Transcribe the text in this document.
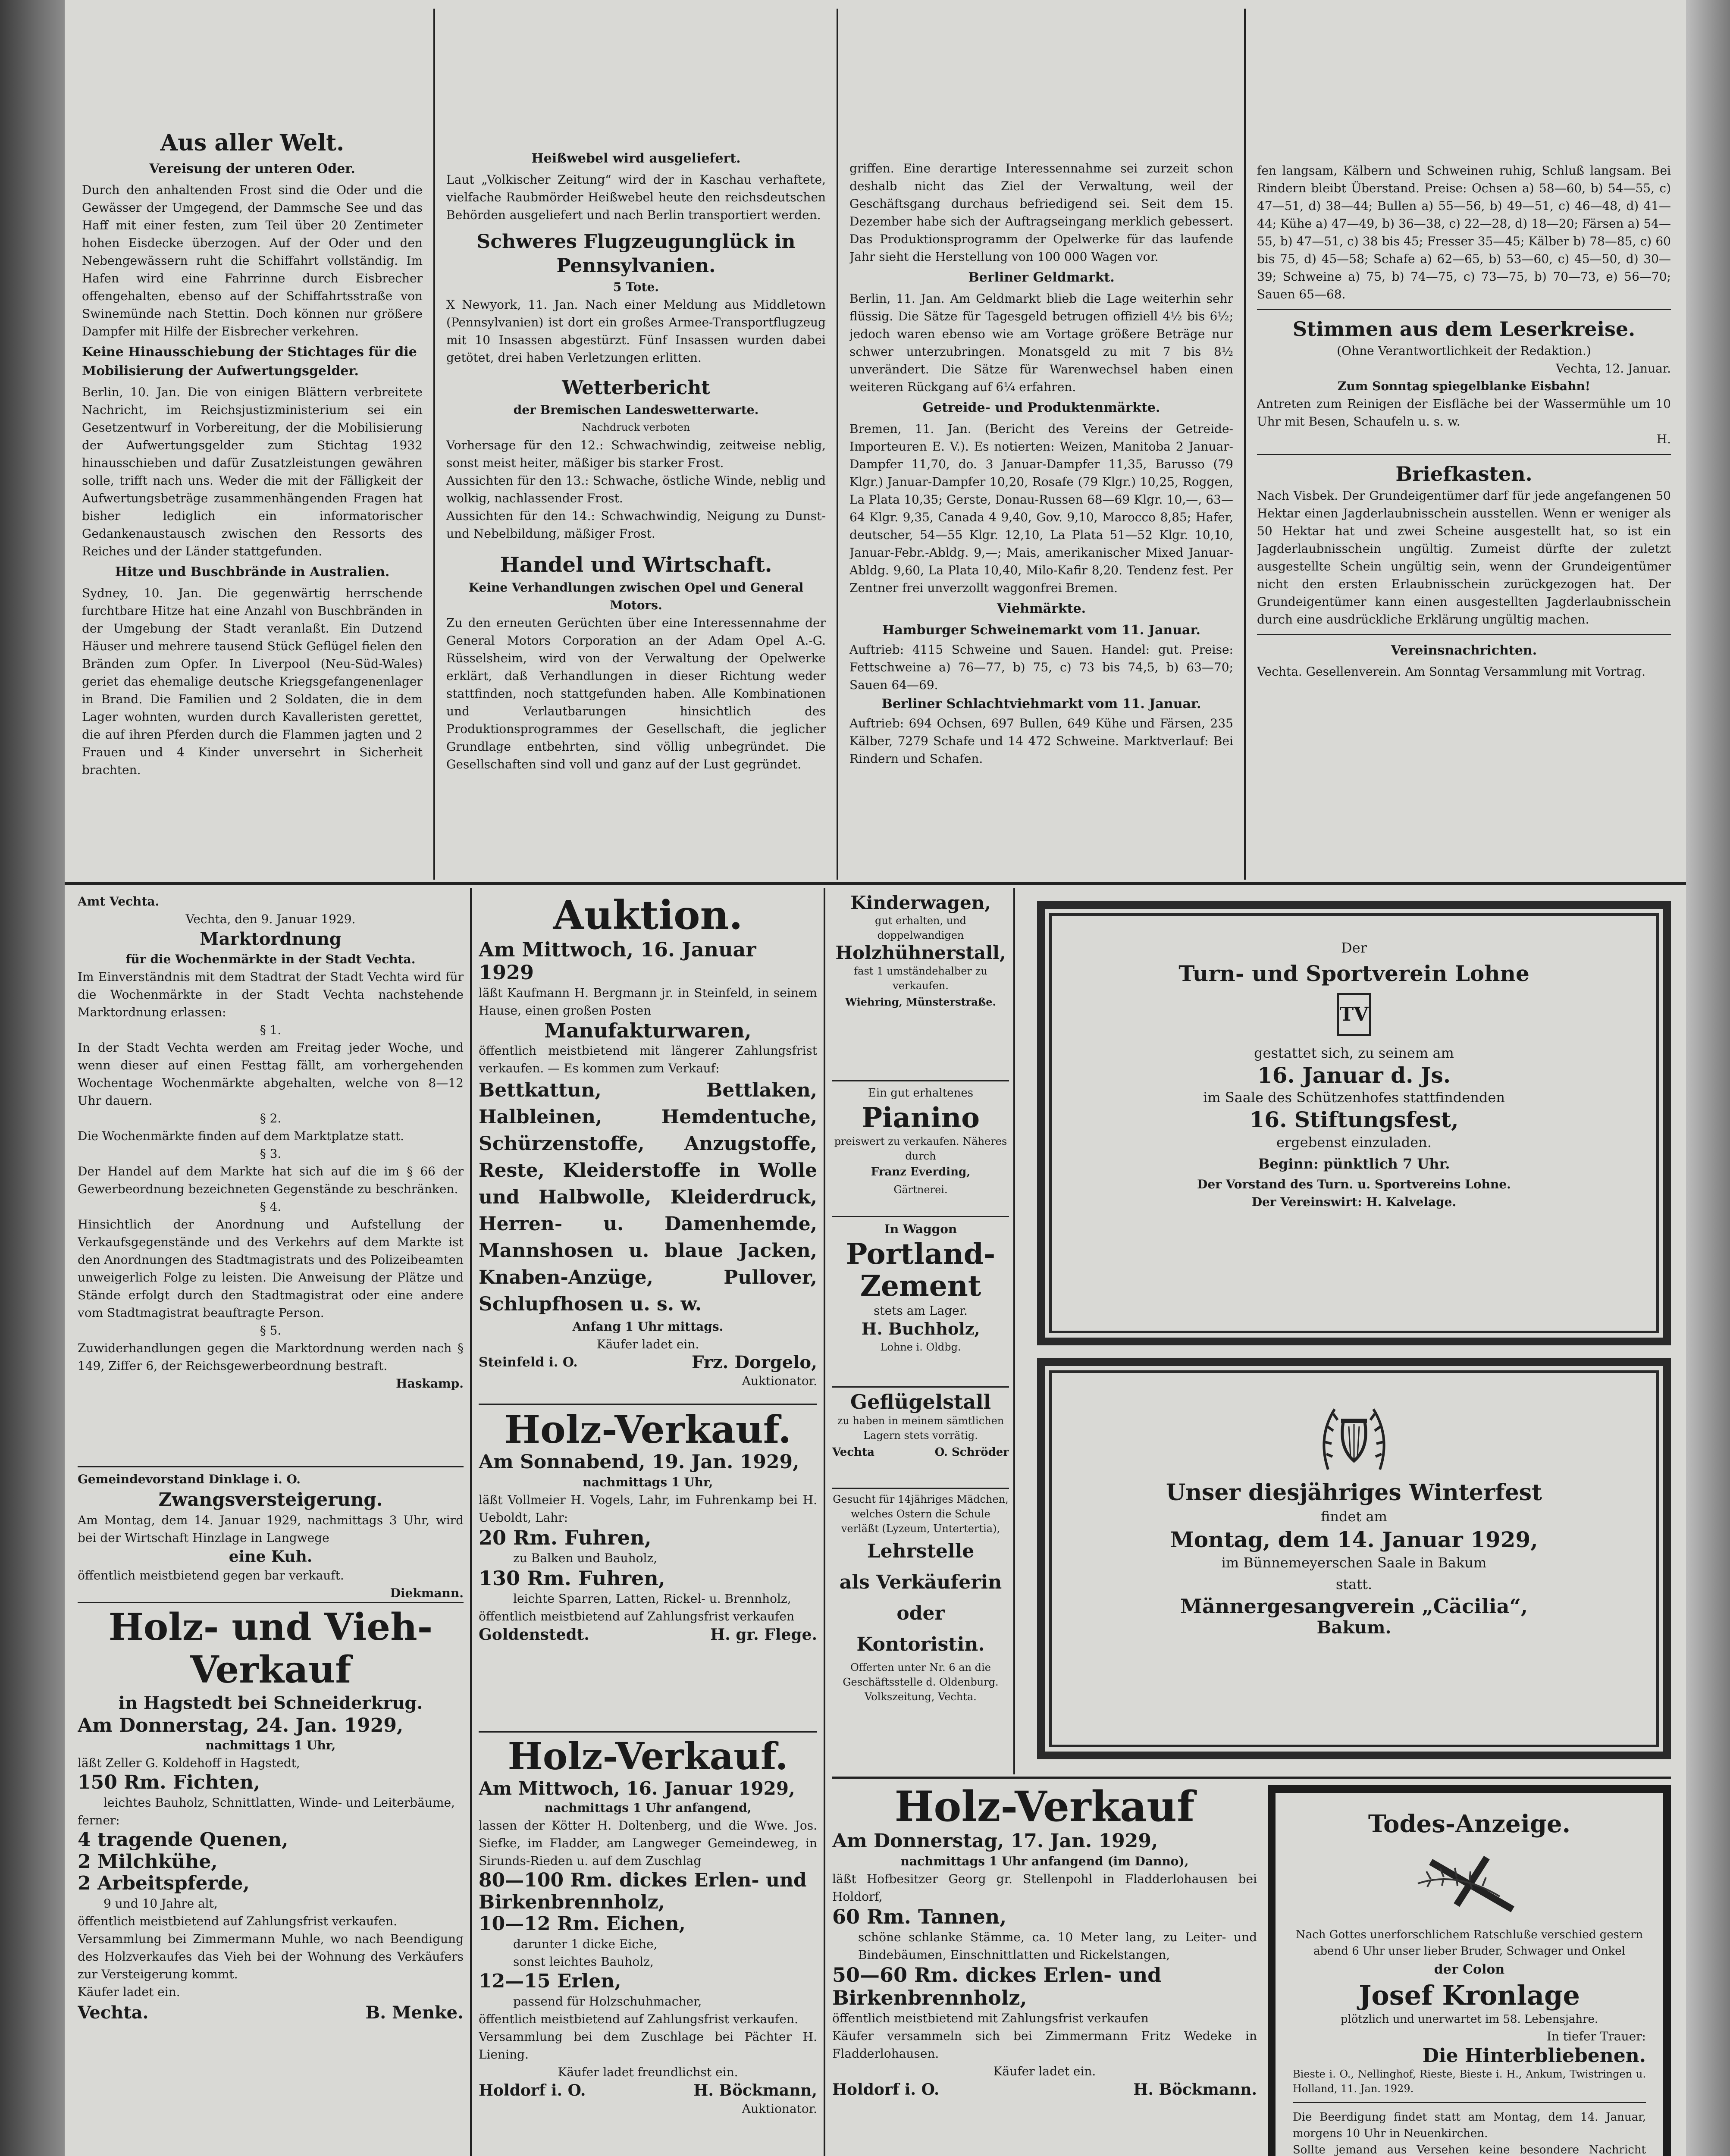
Aus aller Welt.

Vereisung der unteren Oder.

Durch den anhaltenden Frost sind die Oder und die Gewässer der Umgegend, der Dammsche See und das Haff mit einer festen, zum Teil über 20 Zentimeter hohen Eisdecke überzogen. Auf der Oder und den Nebengewässern ruht die Schiffahrt vollständig. Im Hafen wird eine Fahrrinne durch Eisbrecher offengehalten, ebenso auf der Schiffahrtsstraße von Swinemünde nach Stettin. Doch können nur größere Dampfer mit Hilfe der Eisbrecher verkehren.

Keine Hinausschiebung der Stichtages für die Mobilisierung der Aufwertungsgelder.

Berlin, 10. Jan. Die von einigen Blättern verbreitete Nachricht, im Reichsjustizministerium sei ein Gesetzentwurf in Vorbereitung, der die Mobilisierung der Aufwertungsgelder zum Stichtag 1932 hinausschieben und dafür Zusatzleistungen gewähren solle, trifft nach uns. Weder die mit der Fälligkeit der Aufwertungsbeträge zusammenhängenden Fragen hat bisher lediglich ein informatorischer Gedankenaustausch zwischen den Ressorts des Reiches und der Länder stattgefunden.

Hitze und Buschbrände in Australien.

Sydney, 10. Jan. Die gegenwärtig herrschende furchtbare Hitze hat eine Anzahl von Buschbränden in der Umgebung der Stadt veranlaßt. Ein Dutzend Häuser und mehrere tausend Stück Geflügel fielen den Bränden zum Opfer. In Liverpool (Neu-Süd-Wales) geriet das ehemalige deutsche Kriegsgefangenenlager in Brand. Die Familien und 2 Soldaten, die in dem Lager wohnten, wurden durch Kavalleristen gerettet, die auf ihren Pferden durch die Flammen jagten und 2 Frauen und 4 Kinder unversehrt in Sicherheit brachten.

Heißwebel wird ausgeliefert.

Laut „Volkischer Zeitung“ wird der in Kaschau verhaftete, vielfache Raubmörder Heißwebel heute den reichsdeutschen Behörden ausgeliefert und nach Berlin transportiert werden.

Schweres Flugzeugunglück in Pennsylvanien.

5 Tote.

X Newyork, 11. Jan. Nach einer Meldung aus Middletown (Pennsylvanien) ist dort ein großes Armee-Transportflugzeug mit 10 Insassen abgestürzt. Fünf Insassen wurden dabei getötet, drei haben Verletzungen erlitten.

Wetterbericht

der Bremischen Landeswetterwarte.

Nachdruck verboten

Vorhersage für den 12.: Schwachwindig, zeitweise neblig, sonst meist heiter, mäßiger bis starker Frost.

Aussichten für den 13.: Schwache, östliche Winde, neblig und wolkig, nachlassender Frost.

Aussichten für den 14.: Schwachwindig, Neigung zu Dunst- und Nebelbildung, mäßiger Frost.

Handel und Wirtschaft.

Keine Verhandlungen zwischen Opel und General Motors.

Zu den erneuten Gerüchten über eine Interessennahme der General Motors Corporation an der Adam Opel A.-G. Rüsselsheim, wird von der Verwaltung der Opelwerke erklärt, daß Verhandlungen in dieser Richtung weder stattfinden, noch stattgefunden haben. Alle Kombinationen und Verlautbarungen hinsichtlich des Produktionsprogrammes der Gesellschaft, die jeglicher Grundlage entbehrten, sind völlig unbegründet. Die Gesellschaften sind voll und ganz auf der Lust gegründet.

griffen. Eine derartige Interessennahme sei zurzeit schon deshalb nicht das Ziel der Verwaltung, weil der Geschäftsgang durchaus befriedigend sei. Seit dem 15. Dezember habe sich der Auftragseingang merklich gebessert. Das Produktionsprogramm der Opelwerke für das laufende Jahr sieht die Herstellung von 100 000 Wagen vor.

Berliner Geldmarkt.

Berlin, 11. Jan. Am Geldmarkt blieb die Lage weiterhin sehr flüssig. Die Sätze für Tagesgeld betrugen offiziell 4½ bis 6½; jedoch waren ebenso wie am Vortage größere Beträge nur schwer unterzubringen. Monatsgeld zu mit 7 bis 8½ unverändert. Die Sätze für Warenwechsel haben einen weiteren Rückgang auf 6¼ erfahren.

Getreide- und Produktenmärkte.

Bremen, 11. Jan. (Bericht des Vereins der Getreide-Importeuren E. V.). Es notierten: Weizen, Manitoba 2 Januar-Dampfer 11,70, do. 3 Januar-Dampfer 11,35, Barusso (79 Klgr.) Januar-Dampfer 10,20, Rosafe (79 Klgr.) 10,25, Roggen, La Plata 10,35; Gerste, Donau-Russen 68—69 Klgr. 10,—, 63—64 Klgr. 9,35, Canada 4 9,40, Gov. 9,10, Marocco 8,85; Hafer, deutscher, 54—55 Klgr. 12,10, La Plata 51—52 Klgr. 10,10, Januar-Febr.-Abldg. 9,—; Mais, amerikanischer Mixed Januar-Abldg. 9,60, La Plata 10,40, Milo-Kafir 8,20. Tendenz fest. Per Zentner frei unverzollt waggonfrei Bremen.

Viehmärkte.

Hamburger Schweinemarkt vom 11. Januar.

Auftrieb: 4115 Schweine und Sauen. Handel: gut. Preise: Fettschweine a) 76—77, b) 75, c) 73 bis 74,5, b) 63—70; Sauen 64—69.

Berliner Schlachtviehmarkt vom 11. Januar.

Auftrieb: 694 Ochsen, 697 Bullen, 649 Kühe und Färsen, 235 Kälber, 7279 Schafe und 14 472 Schweine. Marktverlauf: Bei Rindern und Schafen.

fen langsam, Kälbern und Schweinen ruhig, Schluß langsam. Bei Rindern bleibt Überstand. Preise: Ochsen a) 58—60, b) 54—55, c) 47—51, d) 38—44; Bullen a) 55—56, b) 49—51, c) 46—48, d) 41—44; Kühe a) 47—49, b) 36—38, c) 22—28, d) 18—20; Färsen a) 54—55, b) 47—51, c) 38 bis 45; Fresser 35—45; Kälber b) 78—85, c) 60 bis 75, d) 45—58; Schafe a) 62—65, b) 53—60, c) 45—50, d) 30—39; Schweine a) 75, b) 74—75, c) 73—75, b) 70—73, e) 56—70; Sauen 65—68.

Stimmen aus dem Leserkreise.

(Ohne Verantwortlichkeit der Redaktion.)

Vechta, 12. Januar.

Zum Sonntag spiegelblanke Eisbahn!

Antreten zum Reinigen der Eisfläche bei der Wassermühle um 10 Uhr mit Besen, Schaufeln u. s. w.

H.

Briefkasten.

Nach Visbek. Der Grundeigentümer darf für jede angefangenen 50 Hektar einen Jagderlaubnisschein ausstellen. Wenn er weniger als 50 Hektar hat und zwei Scheine ausgestellt hat, so ist ein Jagderlaubnisschein ungültig. Zumeist dürfte der zuletzt ausgestellte Schein ungültig sein, wenn der Grundeigentümer nicht den ersten Erlaubnisschein zurückgezogen hat. Der Grundeigentümer kann einen ausgestellten Jagderlaubnisschein durch eine ausdrückliche Erklärung ungültig machen.

Vereinsnachrichten.

Vechta. Gesellenverein. Am Sonntag Versammlung mit Vortrag.

Amt Vechta.

Vechta, den 9. Januar 1929.

Marktordnung

für die Wochenmärkte in der Stadt Vechta.

Im Einverständnis mit dem Stadtrat der Stadt Vechta wird für die Wochenmärkte in der Stadt Vechta nachstehende Marktordnung erlassen:

§ 1.

In der Stadt Vechta werden am Freitag jeder Woche, und wenn dieser auf einen Festtag fällt, am vorhergehenden Wochentage Wochenmärkte abgehalten, welche von 8—12 Uhr dauern.

§ 2.

Die Wochenmärkte finden auf dem Marktplatze statt.

§ 3.

Der Handel auf dem Markte hat sich auf die im § 66 der Gewerbeordnung bezeichneten Gegenstände zu beschränken.

§ 4.

Hinsichtlich der Anordnung und Aufstellung der Verkaufsgegenstände und des Verkehrs auf dem Markte ist den Anordnungen des Stadtmagistrats und des Polizeibeamten unweigerlich Folge zu leisten. Die Anweisung der Plätze und Stände erfolgt durch den Stadtmagistrat oder eine andere vom Stadtmagistrat beauftragte Person.

§ 5.

Zuwiderhandlungen gegen die Marktordnung werden nach § 149, Ziffer 6, der Reichsgewerbeordnung bestraft.

Haskamp.

Gemeindevorstand Dinklage i. O.

Zwangsversteigerung.

Am Montag, dem 14. Januar 1929, nachmittags 3 Uhr, wird bei der Wirtschaft Hinzlage in Langwege

eine Kuh.

öffentlich meistbietend gegen bar verkauft.

Diekmann.

Holz- und Vieh-Verkauf

in Hagstedt bei Schneiderkrug.

Am Donnerstag, 24. Jan. 1929,

nachmittags 1 Uhr,

läßt Zeller G. Koldehoff in Hagstedt,

150 Rm. Fichten,

leichtes Bauholz, Schnittlatten, Winde- und Leiterbäume,

ferner:

4 tragende Quenen,

2 Milchkühe,

2 Arbeitspferde,

9 und 10 Jahre alt,

öffentlich meistbietend auf Zahlungsfrist verkaufen.

Versammlung bei Zimmermann Muhle, wo nach Beendigung des Holzverkaufes das Vieh bei der Wohnung des Verkäufers zur Versteigerung kommt.

Käufer ladet ein.

Vechta.	B. Menke.

Auktion.

Am Mittwoch, 16. Januar 1929

läßt Kaufmann H. Bergmann jr. in Steinfeld, in seinem Hause, einen großen Posten

Manufakturwaren,

öffentlich meistbietend mit längerer Zahlungsfrist verkaufen. — Es kommen zum Verkauf:

Bettkattun, Bettlaken, Halbleinen, Hemdentuche, Schürzenstoffe, Anzugstoffe, Reste, Kleiderstoffe in Wolle und Halbwolle, Kleiderdruck, Herren- u. Damenhemde, Mannshosen u. blaue Jacken, Knaben-Anzüge, Pullover, Schlupfhosen u. s. w.

Anfang 1 Uhr mittags.

Käufer ladet ein.

Steinfeld i. O.	Frz. Dorgelo,

Auktionator.

Holz-Verkauf.

Am Sonnabend, 19. Jan. 1929,

nachmittags 1 Uhr,

läßt Vollmeier H. Vogels, Lahr, im Fuhrenkamp bei H. Ueboldt, Lahr:

20 Rm. Fuhren,

zu Balken und Bauholz,

130 Rm. Fuhren,

leichte Sparren, Latten, Rickel- u. Brennholz,

öffentlich meistbietend auf Zahlungsfrist verkaufen

Goldenstedt.	H. gr. Flege.

Holz-Verkauf.

Am Mittwoch, 16. Januar 1929,

nachmittags 1 Uhr anfangend,

lassen der Kötter H. Doltenberg, und die Wwe. Jos. Siefke, im Fladder, am Langweger Gemeindeweg, in Sirunds-Rieden u. auf dem Zuschlag

80—100 Rm. dickes Erlen- und Birkenbrennholz,

10—12 Rm. Eichen,

darunter 1 dicke Eiche,

sonst leichtes Bauholz,

12—15 Erlen,

passend für Holzschuhmacher,

öffentlich meistbietend auf Zahlungsfrist verkaufen.

Versammlung bei dem Zuschlage bei Pächter H. Liening.

Käufer ladet freundlichst ein.

Holdorf i. O.	H. Böckmann,

Auktionator.

Kinderwagen,

gut erhalten, und doppelwandigen

Holzhühnerstall,

fast 1 umständehalber zu verkaufen.

Wiehring, Münsterstraße.

Ein gut erhaltenes

Pianino

preiswert zu verkaufen. Näheres durch

Franz Everding,

Gärtnerei.

In Waggon

Portland-Zement

stets am Lager.

H. Buchholz,

Lohne i. Oldbg.

Geflügelstall

zu haben in meinem sämtlichen Lagern stets vorrätig.

Vechta	O. Schröder

Gesucht für 14jähriges Mädchen, welches Ostern die Schule verläßt (Lyzeum, Untertertia),

Lehrstelle

als Verkäuferin

oder Kontoristin.

Offerten unter Nr. 6 an die Geschäftsstelle d. Oldenburg. Volkszeitung, Vechta.

Der

Turn- und Sportverein Lohne

TV

gestattet sich, zu seinem am

16. Januar d. Js.

im Saale des Schützenhofes stattfindenden

16. Stiftungsfest,

ergebenst einzuladen.

Beginn: pünktlich 7 Uhr.

Der Vorstand des Turn. u. Sportvereins Lohne.

Der Vereinswirt: H. Kalvelage.

Unser diesjähriges Winterfest

findet am

Montag, dem 14. Januar 1929,

im Bünnemeyerschen Saale in Bakum

statt.

Männergesangverein „Cäcilia“,

Bakum.

Holz-Verkauf

Am Donnerstag, 17. Jan. 1929,

nachmittags 1 Uhr anfangend (im Danno),

läßt Hofbesitzer Georg gr. Stellenpohl in Fladderlohausen bei Holdorf,

60 Rm. Tannen,

schöne schlanke Stämme, ca. 10 Meter lang, zu Leiter- und Bindebäumen, Einschnittlatten und Rickelstangen,

50—60 Rm. dickes Erlen- und Birkenbrennholz,

öffentlich meistbietend mit Zahlungsfrist verkaufen

Käufer versammeln sich bei Zimmermann Fritz Wedeke in Fladderlohausen.

Käufer ladet ein.

Holdorf i. O.	H. Böckmann.

Todes-Anzeige.

Nach Gottes unerforschlichem Ratschluße verschied gestern abend 6 Uhr unser lieber Bruder, Schwager und Onkel

der Colon

Josef Kronlage

plötzlich und unerwartet im 58. Lebensjahre.

In tiefer Trauer:

Die Hinterbliebenen.

Bieste i. O., Nellinghof, Rieste, Bieste i. H., Ankum, Twistringen u. Holland, 11. Jan. 1929.

Die Beerdigung findet statt am Montag, dem 14. Januar, morgens 10 Uhr in Neuenkirchen.

Sollte jemand aus Versehen keine besondere Nachricht
